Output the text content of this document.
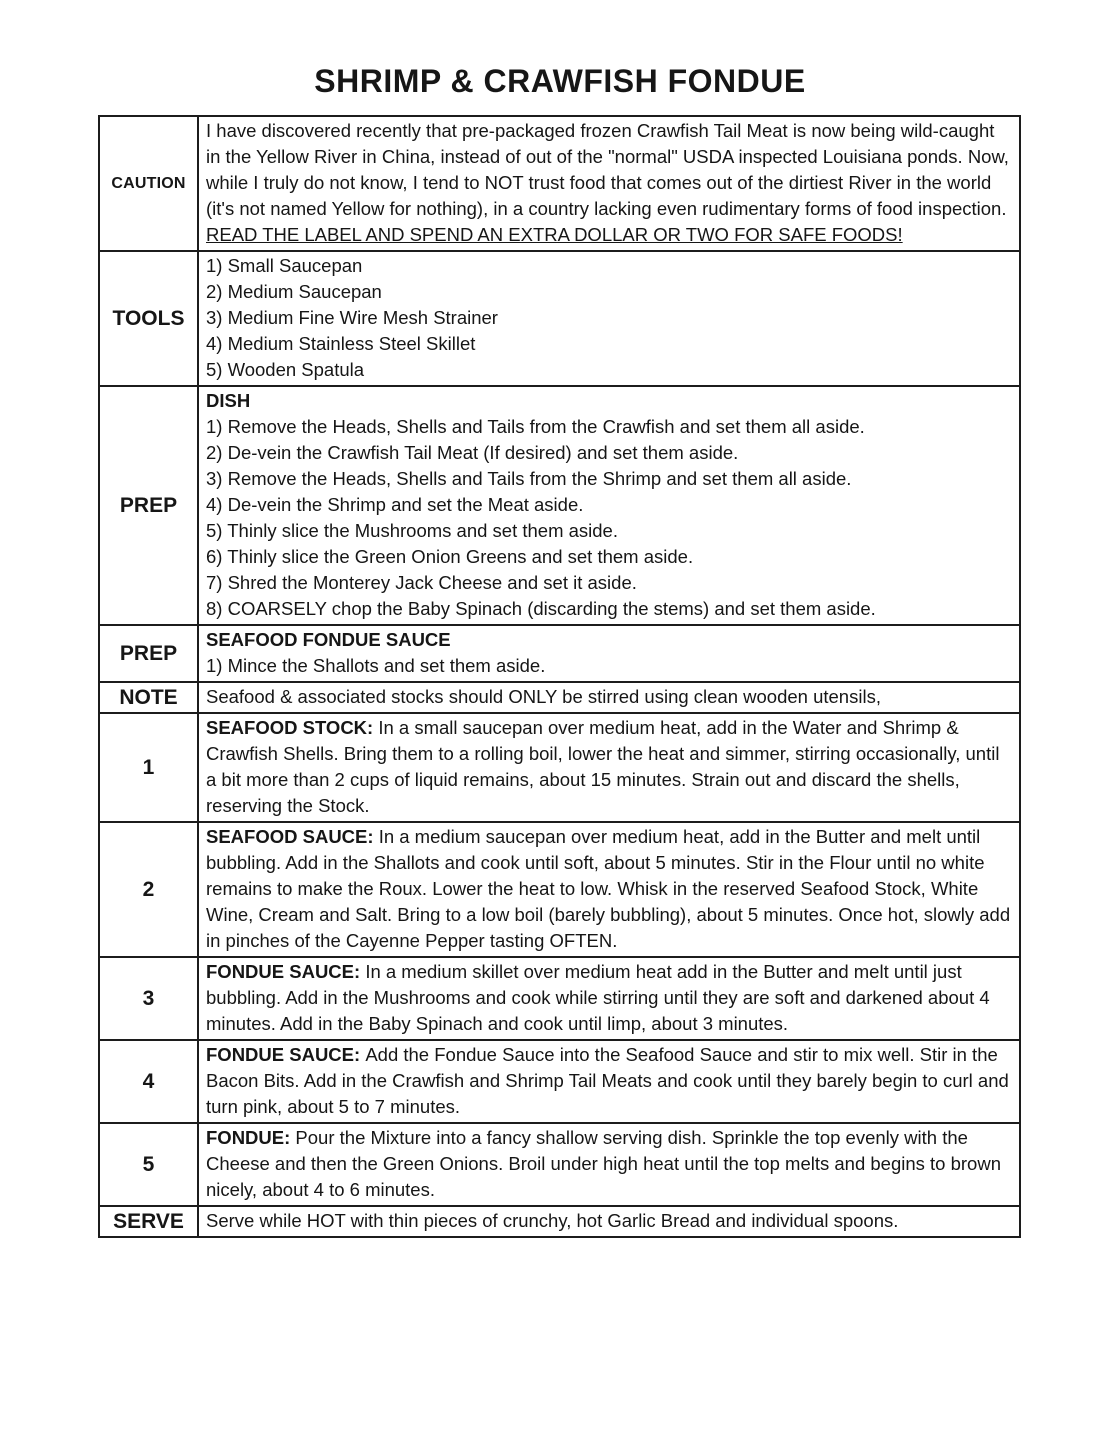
SHRIMP & CRAWFISH FONDUE
CAUTION	I have discovered recently that pre-packaged frozen Crawfish Tail Meat is now being wild-caught in the Yellow River in China, instead of out of the "normal" USDA inspected Louisiana ponds. Now, while I truly do not know, I tend to NOT trust food that comes out of the dirtiest River in the world (it's not named Yellow for nothing), in a country lacking even rudimentary forms of food inspection.
READ THE LABEL AND SPEND AN EXTRA DOLLAR OR TWO FOR SAFE FOODS!

TOOLS	1) Small Saucepan
2) Medium Saucepan
3) Medium Fine Wire Mesh Strainer
4) Medium Stainless Steel Skillet
5) Wooden Spatula

PREP	
DISH
1) Remove the Heads, Shells and Tails from the Crawfish and set them all aside.
2) De-vein the Crawfish Tail Meat (If desired) and set them aside.
3) Remove the Heads, Shells and Tails from the Shrimp and set them all aside.
4) De-vein the Shrimp and set the Meat aside.
5) Thinly slice the Mushrooms and set them aside.
6) Thinly slice the Green Onion Greens and set them aside.
7) Shred the Monterey Jack Cheese and set it aside.
8) COARSELY chop the Baby Spinach (discarding the stems) and set them aside.

PREP	SEAFOOD FONDUE SAUCE
1) Mince the Shallots and set them aside.

NOTE	Seafood & associated stocks should ONLY be stirred using clean wooden utensils,

1	SEAFOOD STOCK: In a small saucepan over medium heat, add in the Water and Shrimp & Crawfish Shells. Bring them to a rolling boil, lower the heat and simmer, stirring occasionally, until a bit more than 2 cups of liquid remains, about 15 minutes. Strain out and discard the shells, reserving the Stock.

2	SEAFOOD SAUCE: In a medium saucepan over medium heat, add in the Butter and melt until bubbling. Add in the Shallots and cook until soft, about 5 minutes. Stir in the Flour until no white remains to make the Roux. Lower the heat to low. Whisk in the reserved Seafood Stock, White Wine, Cream and Salt. Bring to a low boil (barely bubbling), about 5 minutes. Once hot, slowly add in pinches of the Cayenne Pepper tasting OFTEN.

3	FONDUE SAUCE: In a medium skillet over medium heat add in the Butter and melt until just bubbling. Add in the Mushrooms and cook while stirring until they are soft and darkened about 4 minutes. Add in the Baby Spinach and cook until limp, about 3 minutes.

4	FONDUE SAUCE: Add the Fondue Sauce into the Seafood Sauce and stir to mix well. Stir in the Bacon Bits. Add in the Crawfish and Shrimp Tail Meats and cook until they barely begin to curl and turn pink, about 5 to 7 minutes.

5	FONDUE: Pour the Mixture into a fancy shallow serving dish. Sprinkle the top evenly with the Cheese and then the Green Onions. Broil under high heat until the top melts and begins to brown nicely, about 4 to 6 minutes.

SERVE	Serve while HOT with thin pieces of crunchy, hot Garlic Bread and individual spoons.
